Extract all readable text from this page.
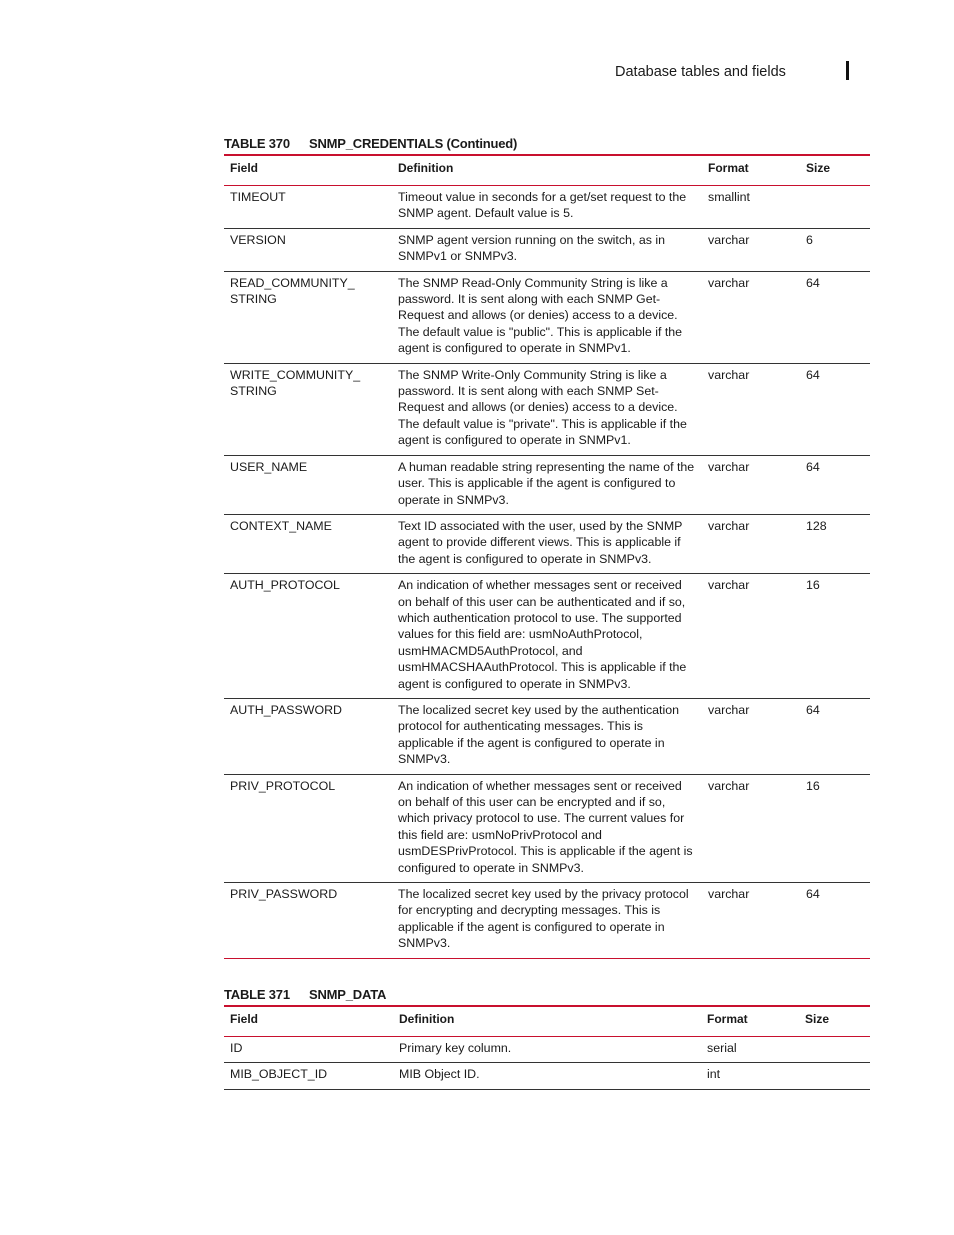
Database tables and fields
TABLE 370 SNMP_CREDENTIALS (Continued)
Field	Definition	Format	Size
TIMEOUT	Timeout value in seconds for a get/set request to the SNMP agent. Default value is 5.	smallint	
VERSION	SNMP agent version running on the switch, as in SNMPv1 or SNMPv3.	varchar	6
READ_COMMUNITY_ STRING	The SNMP Read-Only Community String is like a password. It is sent along with each SNMP Get-Request and allows (or denies) access to a device. The default value is "public". This is applicable if the agent is configured to operate in SNMPv1.	varchar	64
WRITE_COMMUNITY_ STRING	The SNMP Write-Only Community String is like a password. It is sent along with each SNMP Set-Request and allows (or denies) access to a device. The default value is "private". This is applicable if the agent is configured to operate in SNMPv1.	varchar	64
USER_NAME	A human readable string representing the name of the user. This is applicable if the agent is configured to operate in SNMPv3.	varchar	64
CONTEXT_NAME	Text ID associated with the user, used by the SNMP agent to provide different views. This is applicable if the agent is configured to operate in SNMPv3.	varchar	128
AUTH_PROTOCOL	An indication of whether messages sent or received on behalf of this user can be authenticated and if so, which authentication protocol to use. The supported values for this field are: usmNoAuthProtocol, usmHMACMD5AuthProtocol, and usmHMACSHAAuthProtocol. This is applicable if the agent is configured to operate in SNMPv3.	varchar	16
AUTH_PASSWORD	The localized secret key used by the authentication protocol for authenticating messages. This is applicable if the agent is configured to operate in SNMPv3.	varchar	64
PRIV_PROTOCOL	An indication of whether messages sent or received on behalf of this user can be encrypted and if so, which privacy protocol to use. The current values for this field are: usmNoPrivProtocol and usmDESPrivProtocol. This is applicable if the agent is configured to operate in SNMPv3.	varchar	16
PRIV_PASSWORD	The localized secret key used by the privacy protocol for encrypting and decrypting messages. This is applicable if the agent is configured to operate in SNMPv3.	varchar	64
TABLE 371 SNMP_DATA
Field	Definition	Format	Size
ID	Primary key column.	serial	
MIB_OBJECT_ID	MIB Object ID.	int	
